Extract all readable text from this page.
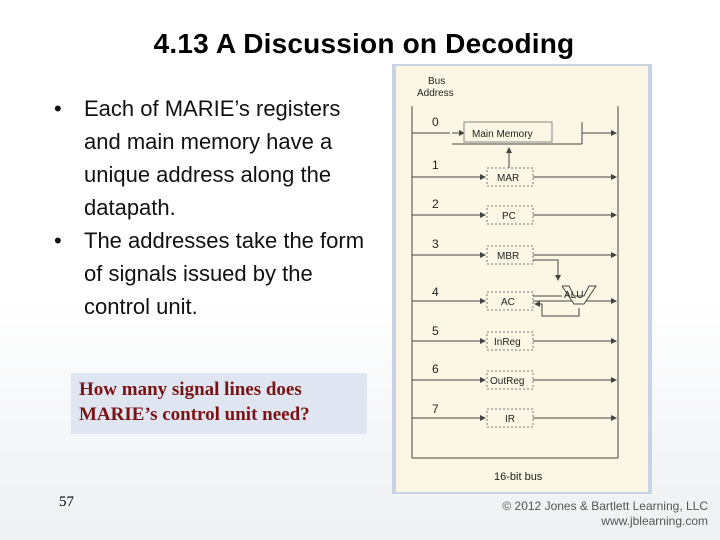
4.13 A Discussion on Decoding
• Each of MARIE’s registers and main memory have a unique address along the datapath.
• The addresses take the form of signals issued by the control unit.
How many signal lines does MARIE’s control unit need?
57	© 2012 Jones & Bartlett Learning, LLC
www.jblearning.com
Bus
Address
16-bit bus
0
1
2
3
4
5
6
7
Main Memory
MAR
PC
MBR
AC
ALU
InReg
OutReg
IR
